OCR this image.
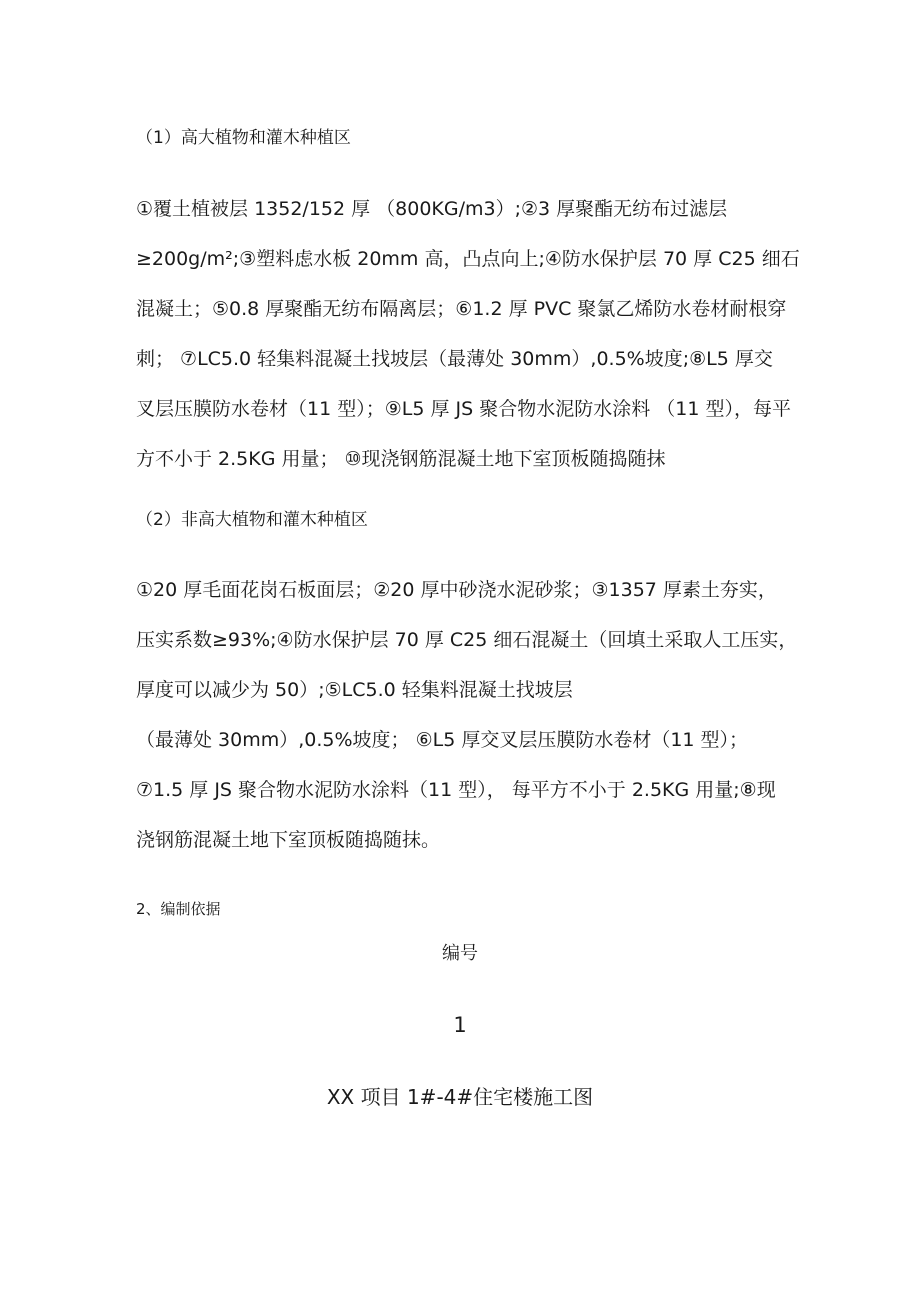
（1）高大植物和灌木种植区
①覆土植被层 1352/152 厚 （800KG/m3）;②3 厚聚酯无纺布过滤层
≥200g/m²;③塑料虑水板 20mm 高，凸点向上;④防水保护层 70 厚 C25 细石
混凝土；⑤0.8 厚聚酯无纺布隔离层；⑥1.2 厚 PVC 聚氯乙烯防水卷材耐根穿
刺； ⑦LC5.0 轻集料混凝土找坡层（最薄处 30mm）,0.5%坡度;⑧L5 厚交
叉层压膜防水卷材（11 型）；⑨L5 厚 JS 聚合物水泥防水涂料 （11 型），每平
方不小于 2.5KG 用量； ⑩现浇钢筋混凝土地下室顶板随捣随抹
（2）非高大植物和灌木种植区
①20 厚毛面花岗石板面层；②20 厚中砂浇水泥砂浆；③1357 厚素土夯实，
压实系数≥93%;④防水保护层 70 厚 C25 细石混凝土（回填土采取人工压实，
厚度可以减少为 50）;⑤LC5.0 轻集料混凝土找坡层
（最薄处 30mm）,0.5%坡度； ⑥L5 厚交叉层压膜防水卷材（11 型）；
⑦1.5 厚 JS 聚合物水泥防水涂料（11 型）， 每平方不小于 2.5KG 用量;⑧现
浇钢筋混凝土地下室顶板随捣随抹。
2、编制依据
编号
1
XX 项目 1#-4#住宅楼施工图
